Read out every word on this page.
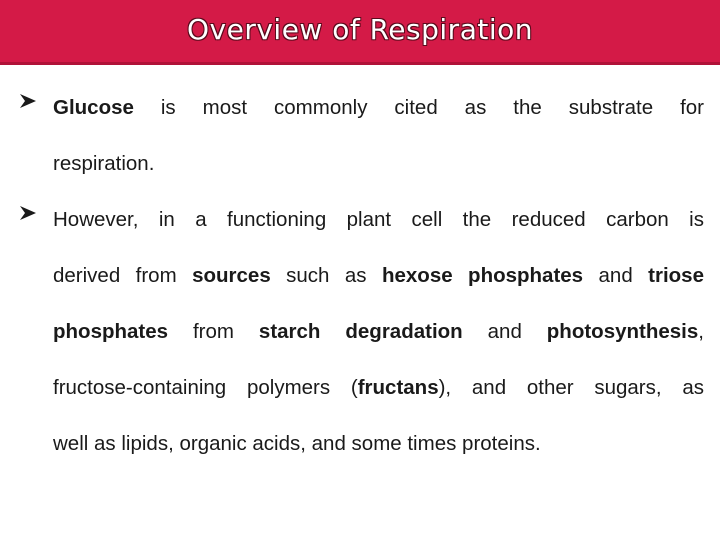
Overview of Respiration
Glucose is most commonly cited as the substrate for
respiration.
However, in a functioning plant cell the reduced carbon is
derived from sources such as hexose phosphates and triose
phosphates from starch degradation and photosynthesis,
fructose-containing polymers (fructans), and other sugars, as
well as lipids, organic acids, and some times proteins.
